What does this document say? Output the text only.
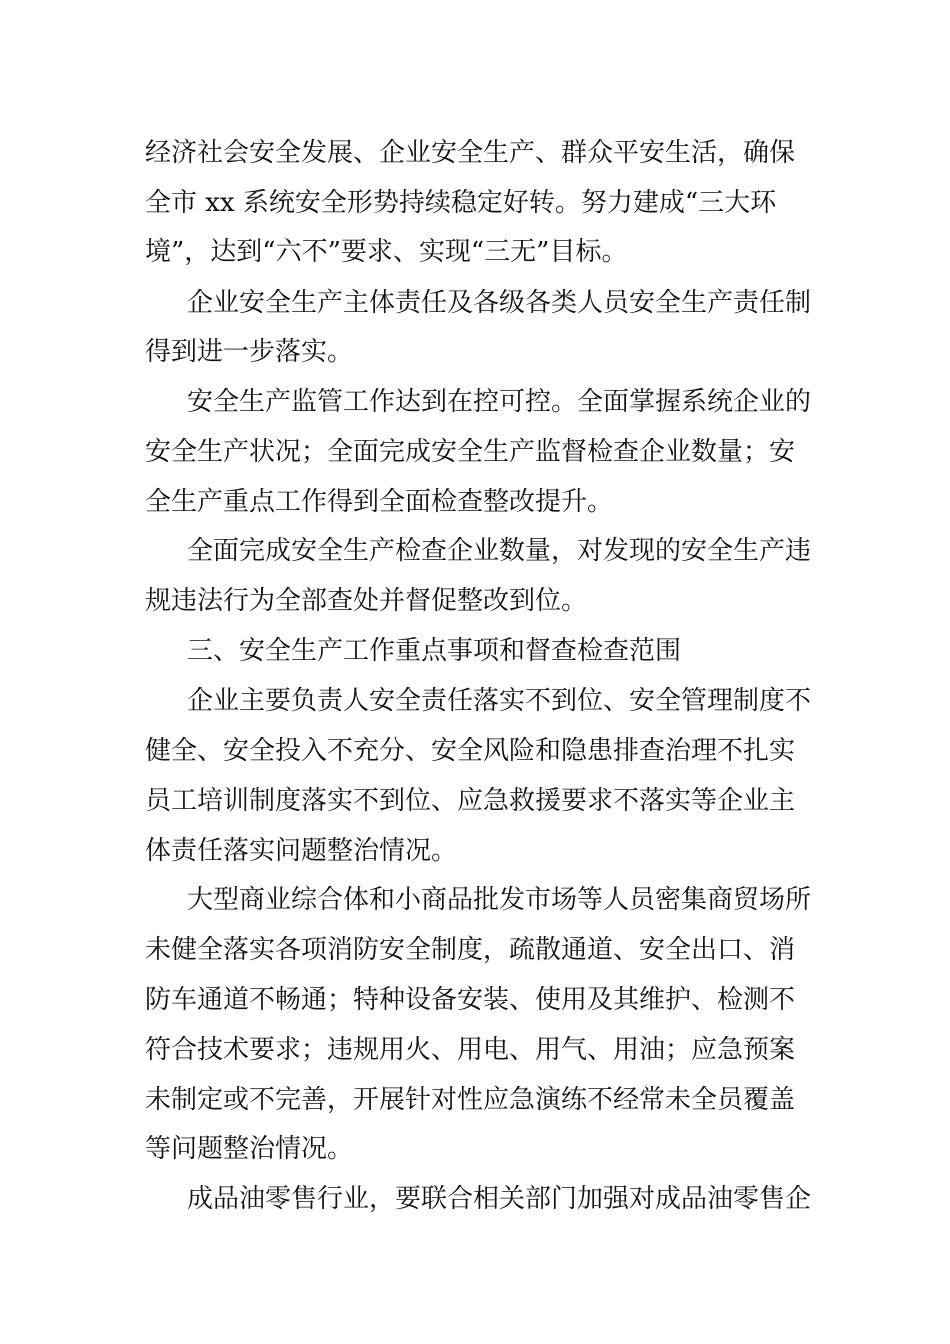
经济社会安全发展、企业安全生产、群众平安生活，确保

全市 xx 系统安全形势持续稳定好转。努力建成“三大环

境”，达到“六不”要求、实现“三无”目标。

企业安全生产主体责任及各级各类人员安全生产责任制

得到进一步落实。

安全生产监管工作达到在控可控。全面掌握系统企业的

安全生产状况；全面完成安全生产监督检查企业数量；安

全生产重点工作得到全面检查整改提升。

全面完成安全生产检查企业数量，对发现的安全生产违

规违法行为全部查处并督促整改到位。

三、安全生产工作重点事项和督查检查范围

企业主要负责人安全责任落实不到位、安全管理制度不

健全、安全投入不充分、安全风险和隐患排查治理不扎实

员工培训制度落实不到位、应急救援要求不落实等企业主

体责任落实问题整治情况。

大型商业综合体和小商品批发市场等人员密集商贸场所

未健全落实各项消防安全制度，疏散通道、安全出口、消

防车通道不畅通；特种设备安装、使用及其维护、检测不

符合技术要求；违规用火、用电、用气、用油；应急预案

未制定或不完善，开展针对性应急演练不经常未全员覆盖

等问题整治情况。

成品油零售行业，要联合相关部门加强对成品油零售企
